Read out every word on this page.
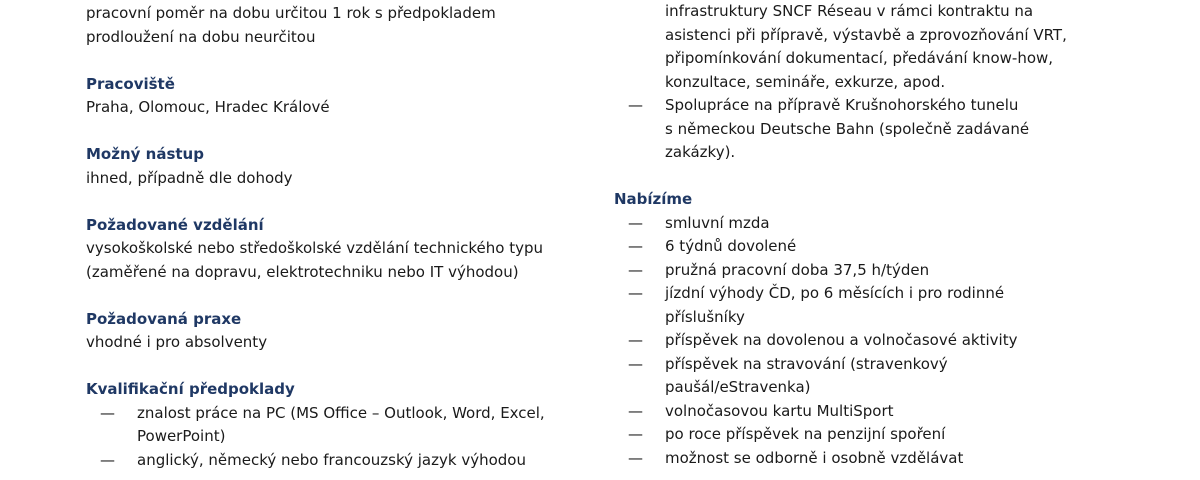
pracovní poměr na dobu určitou 1 rok s předpokladem
prodloužení na dobu neurčitou

Pracoviště

Praha, Olomouc, Hradec Králové

Možný nástup

ihned, případně dle dohody

Požadované vzdělání

vysokoškolské nebo středoškolské vzdělání technického typu
(zaměřené na dopravu, elektrotechniku nebo IT výhodou)

Požadovaná praxe

vhodné i pro absolventy

Kvalifikační předpoklady

— znalost práce na PC (MS Office – Outlook, Word, Excel,
PowerPoint)
— anglický, německý nebo francouzský jazyk výhodou
infrastruktury SNCF Réseau v rámci kontraktu na
asistenci při přípravě, výstavbě a zprovozňování VRT,
připomínkování dokumentací, předávání know-how,
konzultace, semináře, exkurze, apod.
— Spolupráce na přípravě Krušnohorského tunelu
s německou Deutsche Bahn (společně zadávané
zakázky).

Nabízíme

— smluvní mzda
— 6 týdnů dovolené
— pružná pracovní doba 37,5 h/týden
— jízdní výhody ČD, po 6 měsících i pro rodinné
příslušníky
— příspěvek na dovolenou a volnočasové aktivity
— příspěvek na stravování (stravenkový
paušál/eStravenka)
— volnočasovou kartu MultiSport
— po roce příspěvek na penzijní spoření
— možnost se odborně i osobně vzdělávat
